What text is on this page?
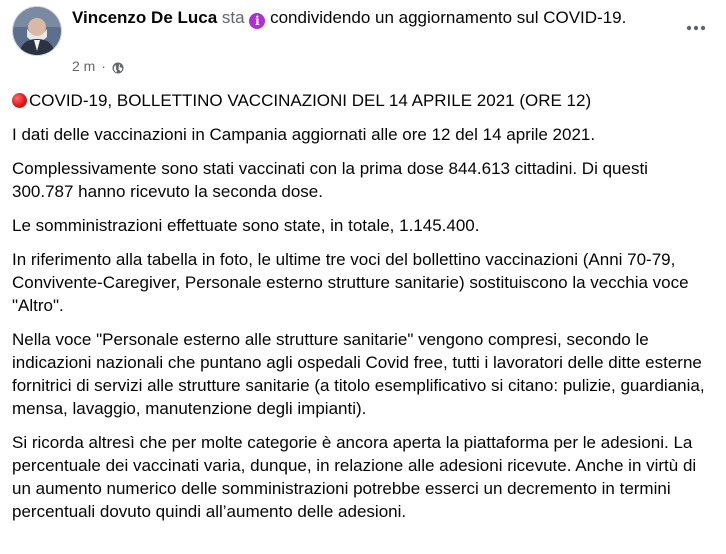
Vincenzo De Luca sta i condividendo un aggiornamento sul COVID-19.
2 m ·

COVID-19, BOLLETTINO VACCINAZIONI DEL 14 APRILE 2021 (ORE 12)

I dati delle vaccinazioni in Campania aggiornati alle ore 12 del 14 aprile 2021.

Complessivamente sono stati vaccinati con la prima dose 844.613 cittadini. Di questi 300.787 hanno ricevuto la seconda dose.

Le somministrazioni effettuate sono state, in totale, 1.145.400.

In riferimento alla tabella in foto, le ultime tre voci del bollettino vaccinazioni (Anni 70-79, Convivente-Caregiver, Personale esterno strutture sanitarie) sostituiscono la vecchia voce "Altro".

Nella voce "Personale esterno alle strutture sanitarie" vengono compresi, secondo le indicazioni nazionali che puntano agli ospedali Covid free, tutti i lavoratori delle ditte esterne fornitrici di servizi alle strutture sanitarie (a titolo esemplificativo si citano: pulizie, guardiania, mensa, lavaggio, manutenzione degli impianti).

Si ricorda altresì che per molte categorie è ancora aperta la piattaforma per le adesioni. La percentuale dei vaccinati varia, dunque, in relazione alle adesioni ricevute. Anche in virtù di un aumento numerico delle somministrazioni potrebbe esserci un decremento in termini percentuali dovuto quindi all’aumento delle adesioni.
